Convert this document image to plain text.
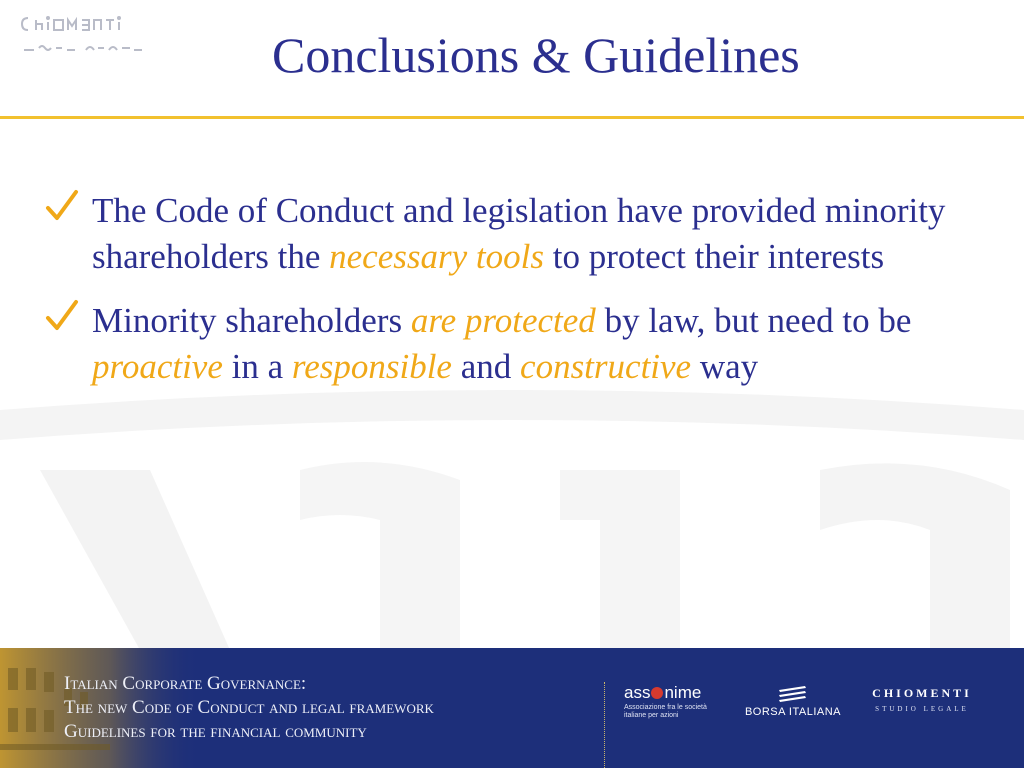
Conclusions & Guidelines
The Code of Conduct and legislation have provided minority shareholders the necessary tools to protect their interests
Minority shareholders are protected by law, but need to be proactive in a responsible and constructive way
Italian Corporate Governance:
The new Code of Conduct and legal framework
Guidelines for the financial community
ass nime
Associazione fra le società italiane per azioni	BORSA ITALIANA
CHIOMENTI
STUDIO LEGALE
